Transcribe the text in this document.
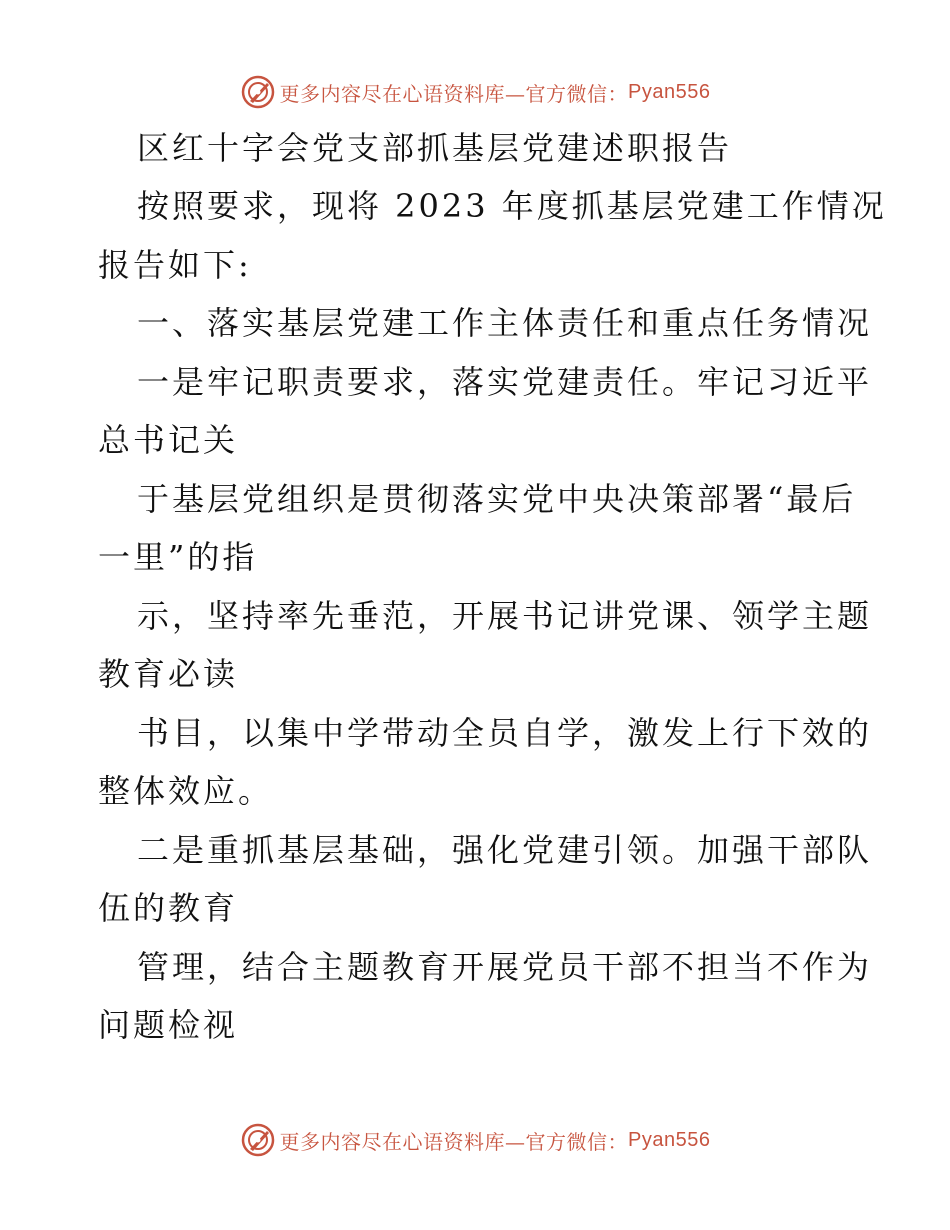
更多内容尽在心语资料库—官方微信： Pyan556
区红十字会党支部抓基层党建述职报告
按照要求，现将 2023 年度抓基层党建工作情况
报告如下:
一、落实基层党建工作主体责任和重点任务情况
一是牢记职责要求，落实党建责任。牢记习近平
总书记关
于基层党组织是贯彻落实党中央决策部署“最后
一里”的指
示，坚持率先垂范，开展书记讲党课、领学主题
教育必读
书目，以集中学带动全员自学，激发上行下效的
整体效应。
二是重抓基层基础，强化党建引领。加强干部队
伍的教育
管理，结合主题教育开展党员干部不担当不作为
问题检视
更多内容尽在心语资料库—官方微信： Pyan556
